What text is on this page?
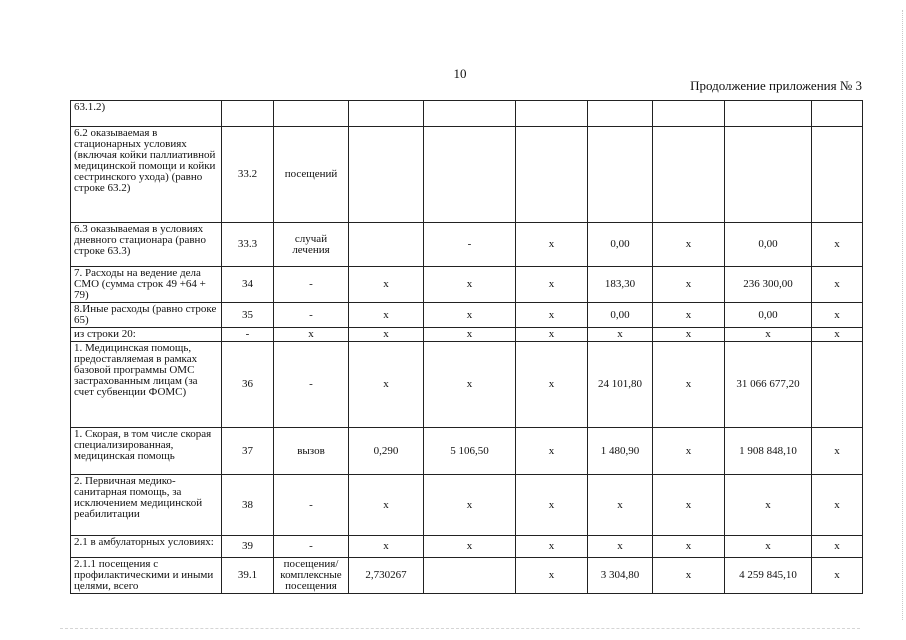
10
Продолжение приложения № 3
63.1.2)									
6.2 оказываемая в стационарных условиях (включая койки паллиативной медицинской помощи и койки сестринского ухода) (равно строке 63.2)	33.2	посещений							
6.3 оказываемая в условиях дневного стационара (равно строке 63.3)	33.3	случай лечения		-	х	0,00	х	0,00	х
7. Расходы на ведение дела СМО (сумма строк 49 +64 + 79)	34	-	х	х	х	183,30	х	236 300,00	х
8.Иные расходы (равно строке 65)	35	-	х	х	х	0,00	х	0,00	х
из строки 20:	-	х	х	х	х	х	х	х	х
1. Медицинская помощь, предоставляемая в рамках базовой программы ОМС застрахованным лицам (за счет субвенции ФОМС)	36	-	х	х	х	24 101,80	х	31 066 677,20	
1. Скорая, в том числе скорая специализированная, медицинская помощь	37	вызов	0,290	5 106,50	х	1 480,90	х	1 908 848,10	х
2. Первичная медико-санитарная помощь, за исключением медицинской реабилитации	38	-	х	х	х	х	х	х	х
2.1 в амбулаторных условиях:	39	-	х	х	х	х	х	х	х
2.1.1 посещения с профилактическими и иными целями, всего	39.1	посещения/комплексные посещения	2,730267		х	3 304,80	х	4 259 845,10	х
